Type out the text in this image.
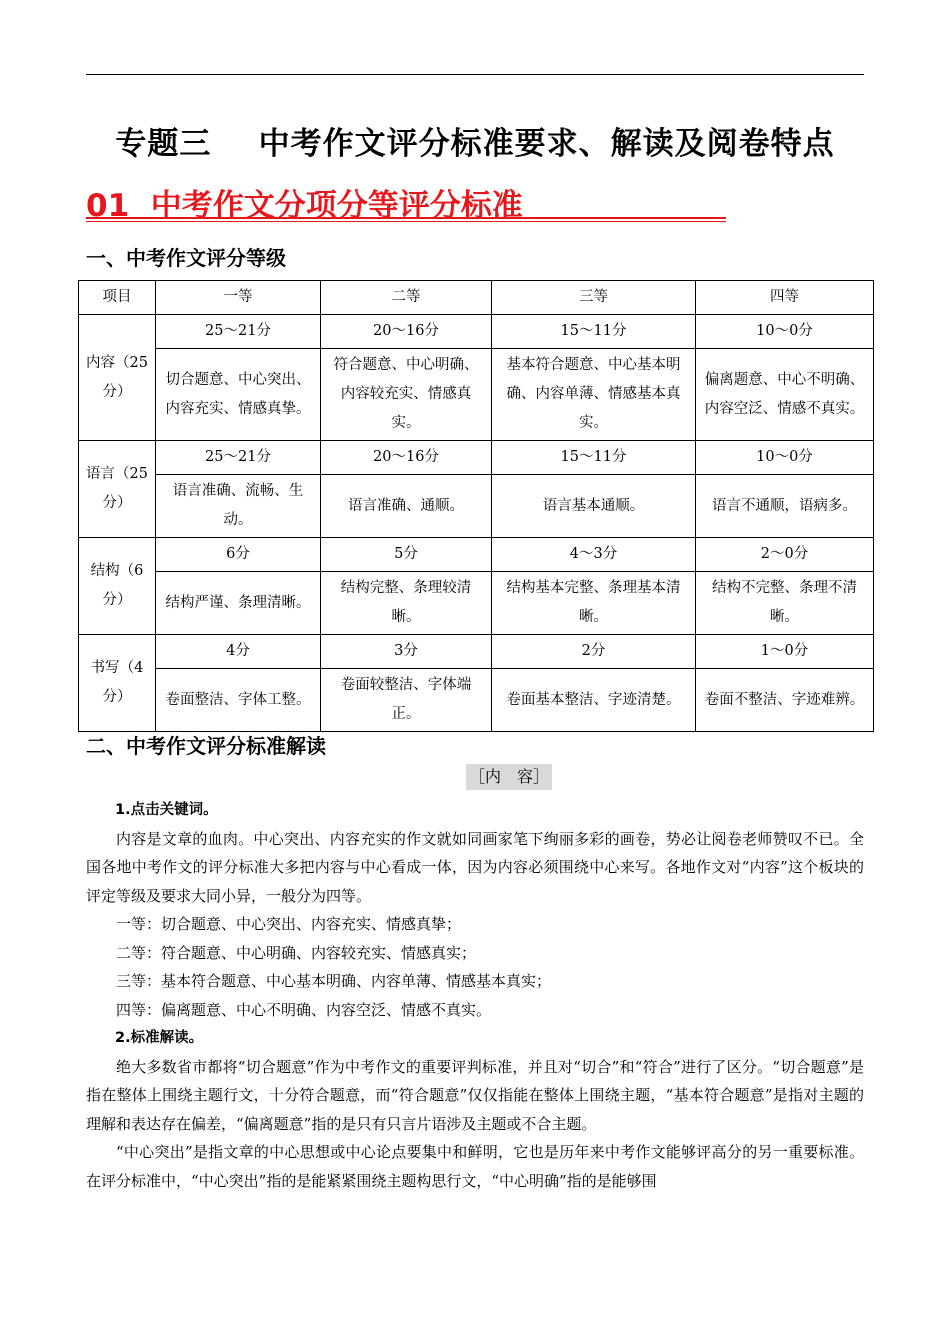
专题三    中考作文评分标准要求、解读及阅卷特点
01  中考作文分项分等评分标准
一、中考作文评分等级
项目	一等	二等	三等	四等
内容（25分）	25～21分	20～16分	15～11分	10～0分
	切合题意、中心突出、内容充实、情感真挚。	符合题意、中心明确、内容较充实、情感真实。	基本符合题意、中心基本明确、内容单薄、情感基本真实。	偏离题意、中心不明确、内容空泛、情感不真实。
语言（25分）	25～21分	20～16分	15～11分	10～0分
	语言准确、流畅、生动。	语言准确、通顺。	语言基本通顺。	语言不通顺，语病多。
结构（6分）	6分	5分	4～3分	2～0分
	结构严谨、条理清晰。	结构完整、条理较清晰。	结构基本完整、条理基本清晰。	结构不完整、条理不清晰。
书写（4分）	4分	3分	2分	1～0分
	卷面整洁、字体工整。	卷面较整洁、字体端正。	卷面基本整洁、字迹清楚。	卷面不整洁、字迹难辨。
二、中考作文评分标准解读
［内　容］

1.点击关键词。

内容是文章的血肉。中心突出、内容充实的作文就如同画家笔下绚丽多彩的画卷，势必让阅卷老师赞叹不已。全国各地中考作文的评分标准大多把内容与中心看成一体，因为内容必须围绕中心来写。各地作文对“内容”这个板块的评定等级及要求大同小异，一般分为四等。

一等：切合题意、中心突出、内容充实、情感真挚；

二等：符合题意、中心明确、内容较充实、情感真实；

三等：基本符合题意、中心基本明确、内容单薄、情感基本真实；

四等：偏离题意、中心不明确、内容空泛、情感不真实。

2.标准解读。

绝大多数省市都将“切合题意”作为中考作文的重要评判标准，并且对“切合”和“符合”进行了区分。“切合题意”是指在整体上围绕主题行文，十分符合题意，而“符合题意”仅仅指能在整体上围绕主题，“基本符合题意”是指对主题的理解和表达存在偏差，“偏离题意”指的是只有只言片语涉及主题或不合主题。

“中心突出”是指文章的中心思想或中心论点要集中和鲜明，它也是历年来中考作文能够评高分的另一重要标准。在评分标准中，“中心突出”指的是能紧紧围绕主题构思行文，“中心明确”指的是能够围
